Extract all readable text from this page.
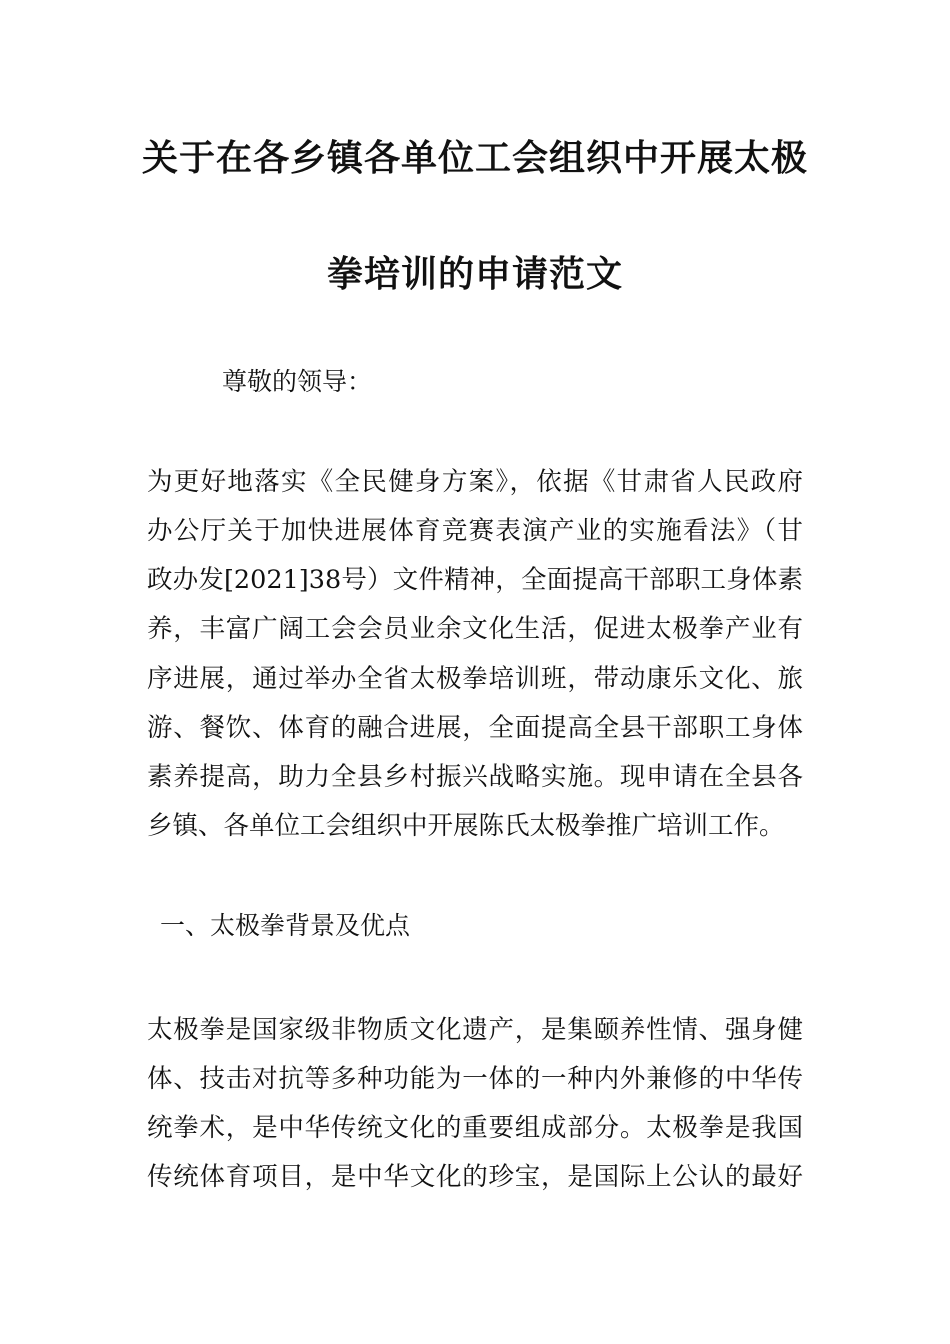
关于在各乡镇各单位工会组织中开展太极
拳培训的申请范文

尊敬的领导：

为更好地落实《全民健身方案》，依据《甘肃省人民政府

办公厅关于加快进展体育竞赛表演产业的实施看法》（甘

政办发[2021]38号）文件精神，全面提高干部职工身体素

养，丰富广阔工会会员业余文化生活，促进太极拳产业有

序进展，通过举办全省太极拳培训班，带动康乐文化、旅

游、餐饮、体育的融合进展，全面提高全县干部职工身体

素养提高，助力全县乡村振兴战略实施。现申请在全县各

乡镇、各单位工会组织中开展陈氏太极拳推广培训工作。

一、太极拳背景及优点

太极拳是国家级非物质文化遗产，是集颐养性情、强身健

体、技击对抗等多种功能为一体的一种内外兼修的中华传

统拳术，是中华传统文化的重要组成部分。太极拳是我国

传统体育项目，是中华文化的珍宝，是国际上公认的最好
